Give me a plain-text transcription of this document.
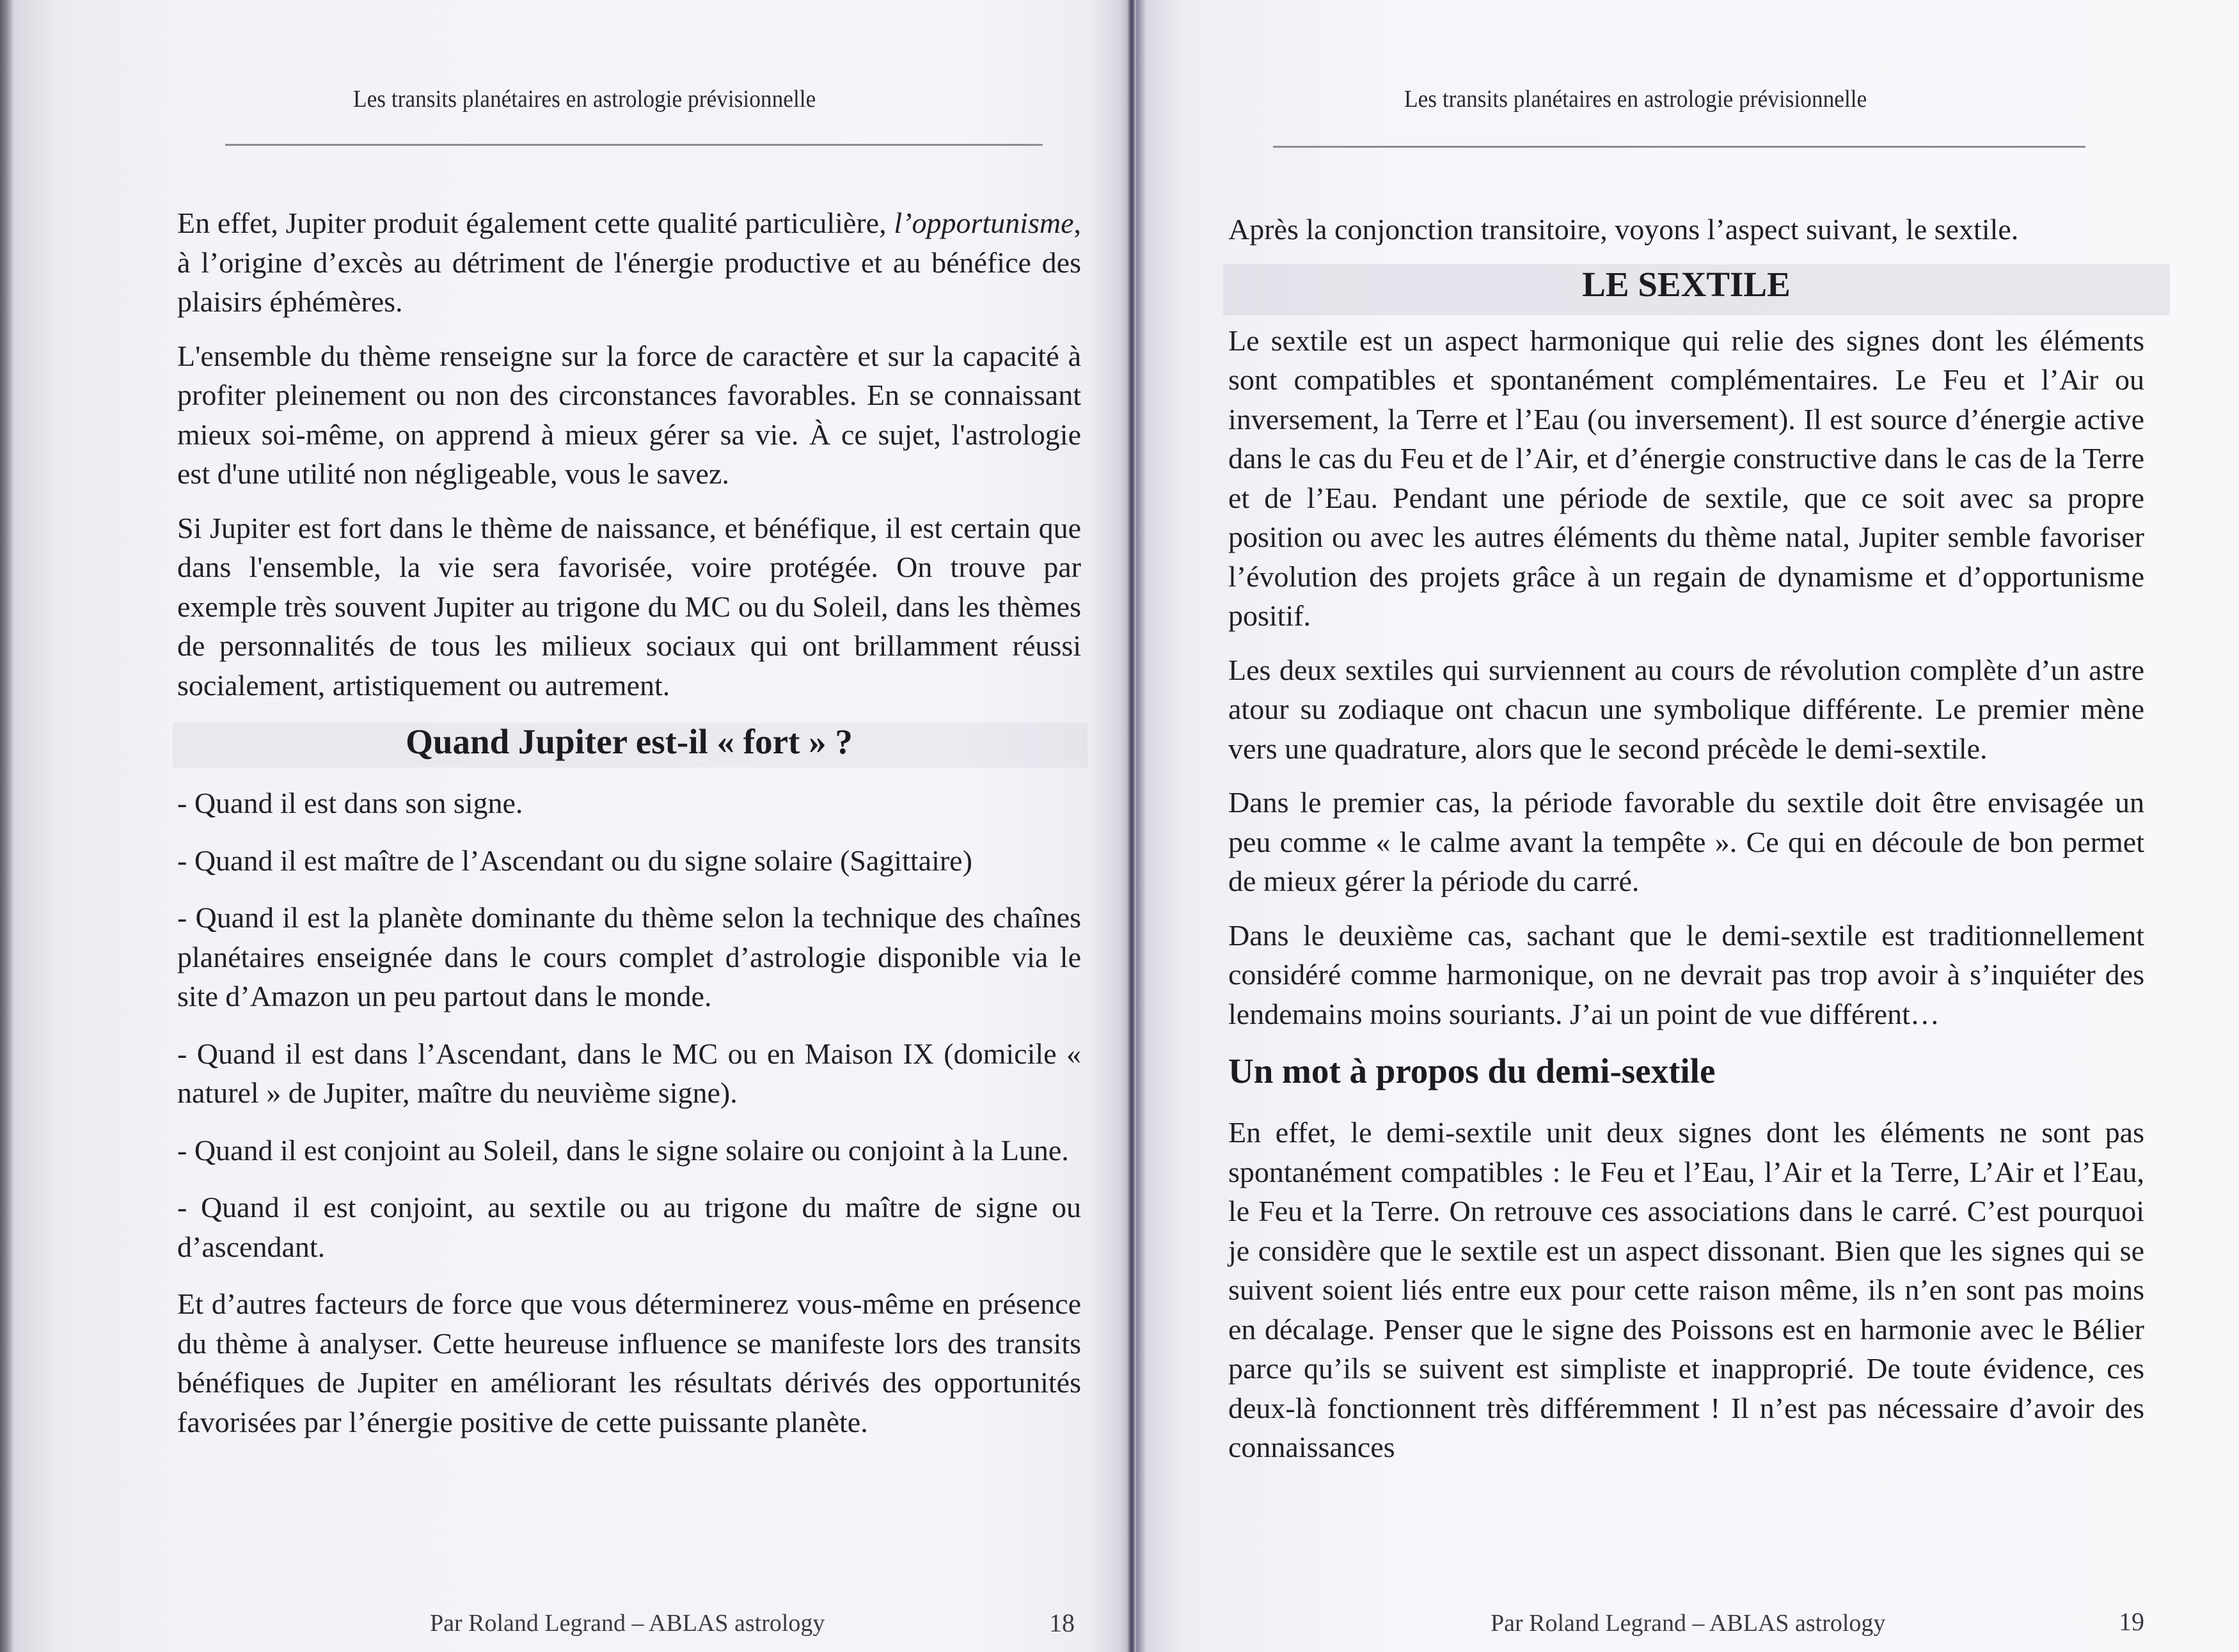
Les transits planétaires en astrologie prévisionnelle

En effet, Jupiter produit également cette qualité particulière, l’opportunisme, à l’origine d’excès au détriment de l'énergie productive et au bénéfice des plaisirs éphémères.

L'ensemble du thème renseigne sur la force de caractère et sur la capacité à profiter pleinement ou non des circonstances favorables. En se connaissant mieux soi-même, on apprend à mieux gérer sa vie. À ce sujet, l'astrologie est d'une utilité non négligeable, vous le savez.

Si Jupiter est fort dans le thème de naissance, et bénéfique, il est certain que dans l'ensemble, la vie sera favorisée, voire protégée. On trouve par exemple très souvent Jupiter au trigone du MC ou du Soleil, dans les thèmes de personnalités de tous les milieux sociaux qui ont brillamment réussi socialement, artistiquement ou autrement.

Quand Jupiter est-il « fort » ?

- Quand il est dans son signe.

- Quand il est maître de l’Ascendant ou du signe solaire (Sagittaire)

- Quand il est la planète dominante du thème selon la technique des chaînes planétaires enseignée dans le cours complet d’astrologie disponible via le site d’Amazon un peu partout dans le monde.

- Quand il est dans l’Ascendant, dans le MC ou en Maison IX (domicile « naturel » de Jupiter, maître du neuvième signe).

- Quand il est conjoint au Soleil, dans le signe solaire ou conjoint à la Lune.

- Quand il est conjoint, au sextile ou au trigone du maître de signe ou d’ascendant.

Et d’autres facteurs de force que vous déterminerez vous-même en présence du thème à analyser. Cette heureuse influence se manifeste lors des transits bénéfiques de Jupiter en améliorant les résultats dérivés des opportunités favorisées par l’énergie positive de cette puissante planète.

Par Roland Legrand – ABLAS astrology	18
Les transits planétaires en astrologie prévisionnelle

Après la conjonction transitoire, voyons l’aspect suivant, le sextile.

LE SEXTILE

Le sextile est un aspect harmonique qui relie des signes dont les éléments sont compatibles et spontanément complémentaires. Le Feu et l’Air ou inversement, la Terre et l’Eau (ou inversement). Il est source d’énergie active dans le cas du Feu et de l’Air, et d’énergie constructive dans le cas de la Terre et de l’Eau. Pendant une période de sextile, que ce soit avec sa propre position ou avec les autres éléments du thème natal, Jupiter semble favoriser l’évolution des projets grâce à un regain de dynamisme et d’opportunisme positif.

Les deux sextiles qui surviennent au cours de révolution complète d’un astre atour su zodiaque ont chacun une symbolique différente. Le premier mène vers une quadrature, alors que le second précède le demi-sextile.

Dans le premier cas, la période favorable du sextile doit être envisagée un peu comme « le calme avant la tempête ». Ce qui en découle de bon permet de mieux gérer la période du carré.

Dans le deuxième cas, sachant que le demi-sextile est traditionnellement considéré comme harmonique, on ne devrait pas trop avoir à s’inquiéter des lendemains moins souriants. J’ai un point de vue différent…

Un mot à propos du demi-sextile

En effet, le demi-sextile unit deux signes dont les éléments ne sont pas spontanément compatibles : le Feu et l’Eau, l’Air et la Terre, L’Air et l’Eau, le Feu et la Terre. On retrouve ces associations dans le carré. C’est pourquoi je considère que le sextile est un aspect dissonant. Bien que les signes qui se suivent soient liés entre eux pour cette raison même, ils n’en sont pas moins en décalage. Penser que le signe des Poissons est en harmonie avec le Bélier parce qu’ils se suivent est simpliste et inapproprié. De toute évidence, ces deux-là fonctionnent très différemment ! Il n’est pas nécessaire d’avoir des connaissances

Par Roland Legrand – ABLAS astrology	19
